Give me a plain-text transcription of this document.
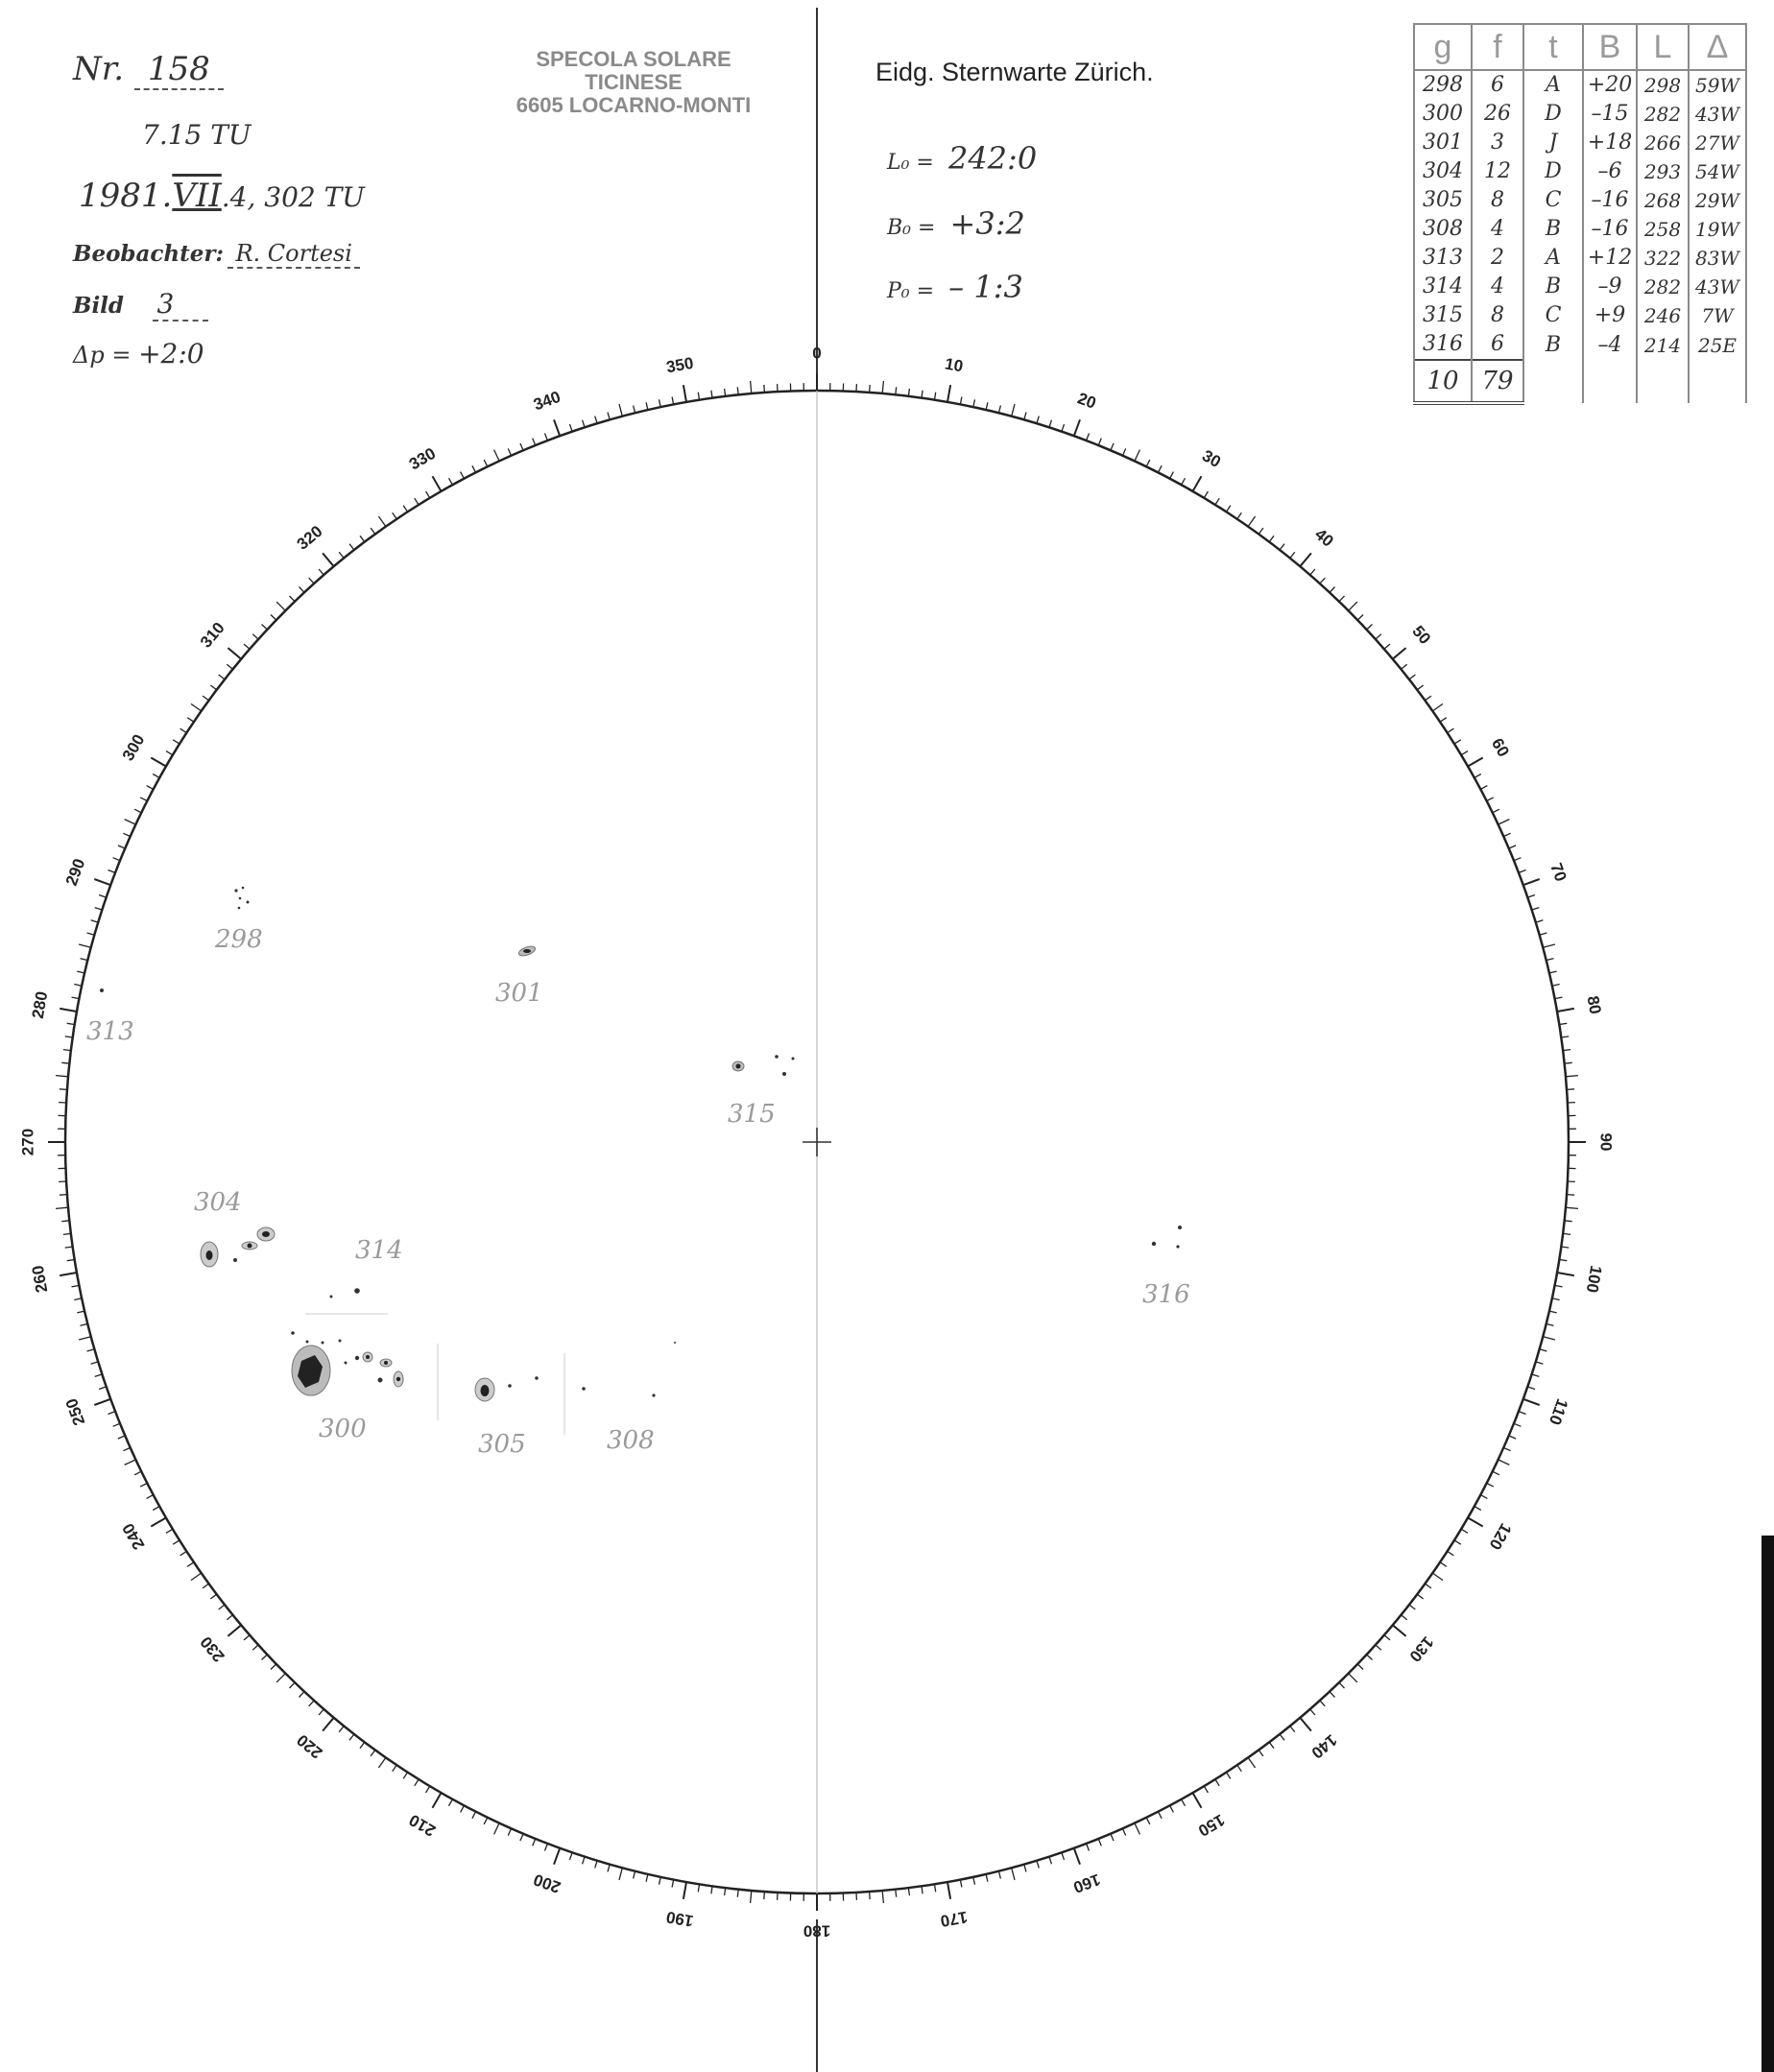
Nr. 158
7.15 TU
1981.VII.4, 302 TU
Beobachter: R. Cortesi
Bild 3
Δp = +2:0
SPECOLA SOLARE
TICINESE
6605 LOCARNO-MONTI
Eidg. Sternwarte Zürich.
L₀ = 242:0
B₀ = +3:2
P₀ = – 1:3
g	f	t	B	L	Δ
298	6	A	+20	298	59W
300	26	D	–15	282	43W
301	3	J	+18	266	27W
304	12	D	–6	293	54W
305	8	C	–16	268	29W
308	4	B	–16	258	19W
313	2	A	+12	322	83W
314	4	B	–9	282	43W
315	8	C	+9	246	7W
316	6	B	–4	214	25E
10	79				
0
10
20
30
40
50
60
70
80
90
100
110
120
130
140
150
160
170
180
190
200
210
220
230
240
250
260
270
280
290
300
310
320
330
340
350
298
301
313
315
304
314
300
305	308
316
